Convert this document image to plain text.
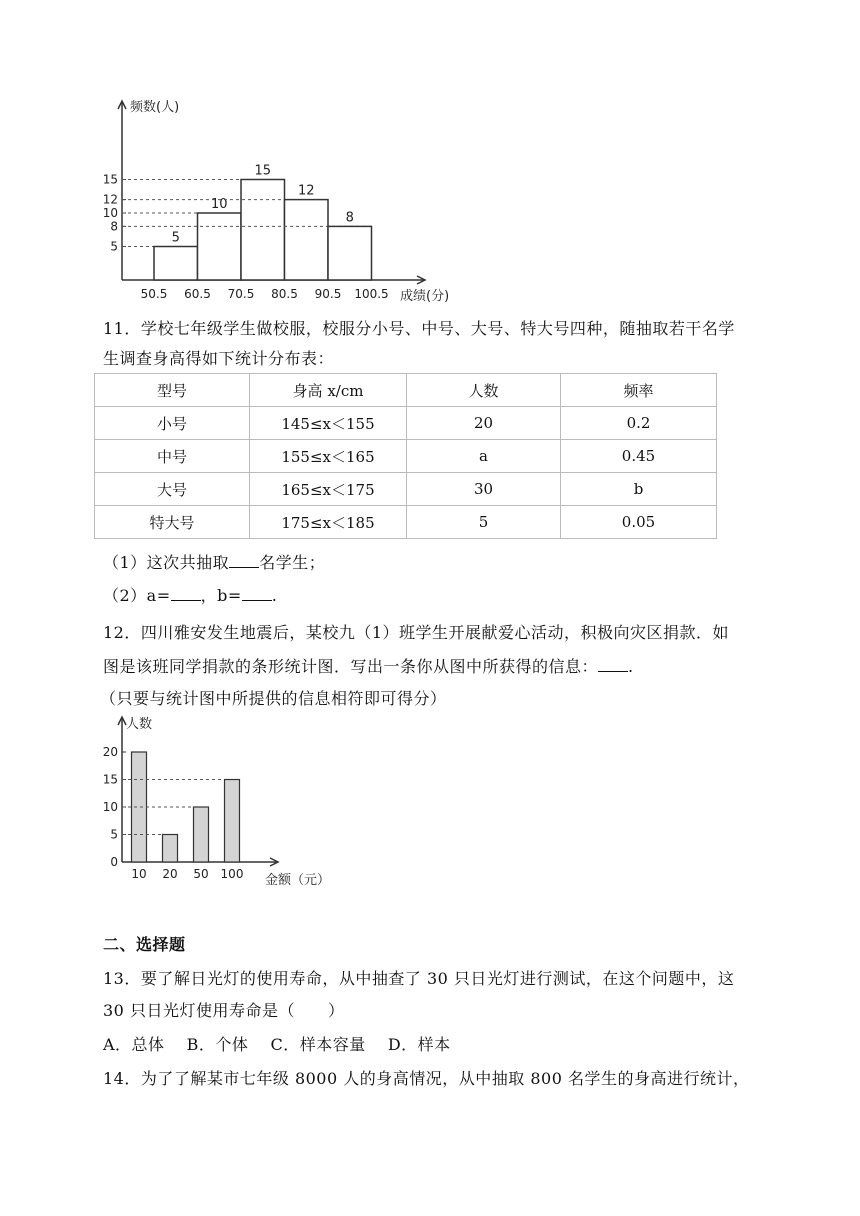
频数(人)
5
8
10
12
15
5
10
15
12
8
50.5 60.5 70.5 80.5 90.5 100.5 成绩(分)
11．学校七年级学生做校服，校服分小号、中号、大号、特大号四种，随抽取若干名学
生调查身高得如下统计分布表：
型号	身高 x/cm	人数	频率
小号	145≤x＜155	20	0.2
中号	155≤x＜165	a	0.45
大号	165≤x＜175	30	b
特大号	175≤x＜185	5	0.05
（1）这次共抽取 名学生；
（2）a= ，b= .
12．四川雅安发生地震后，某校九（1）班学生开展献爱心活动，积极向灾区捐款．如
图是该班同学捐款的条形统计图．写出一条你从图中所获得的信息： .
（只要与统计图中所提供的信息相符即可得分）
人数
0
5
10
15
20
10 20 50 100 金额（元）
二、选择题
13．要了解日光灯的使用寿命，从中抽查了 30 只日光灯进行测试，在这个问题中，这
30 只日光灯使用寿命是（　　）
A．总体　 B．个体　 C．样本容量　 D．样本
14．为了了解某市七年级 8000 人的身高情况，从中抽取 800 名学生的身高进行统计，
